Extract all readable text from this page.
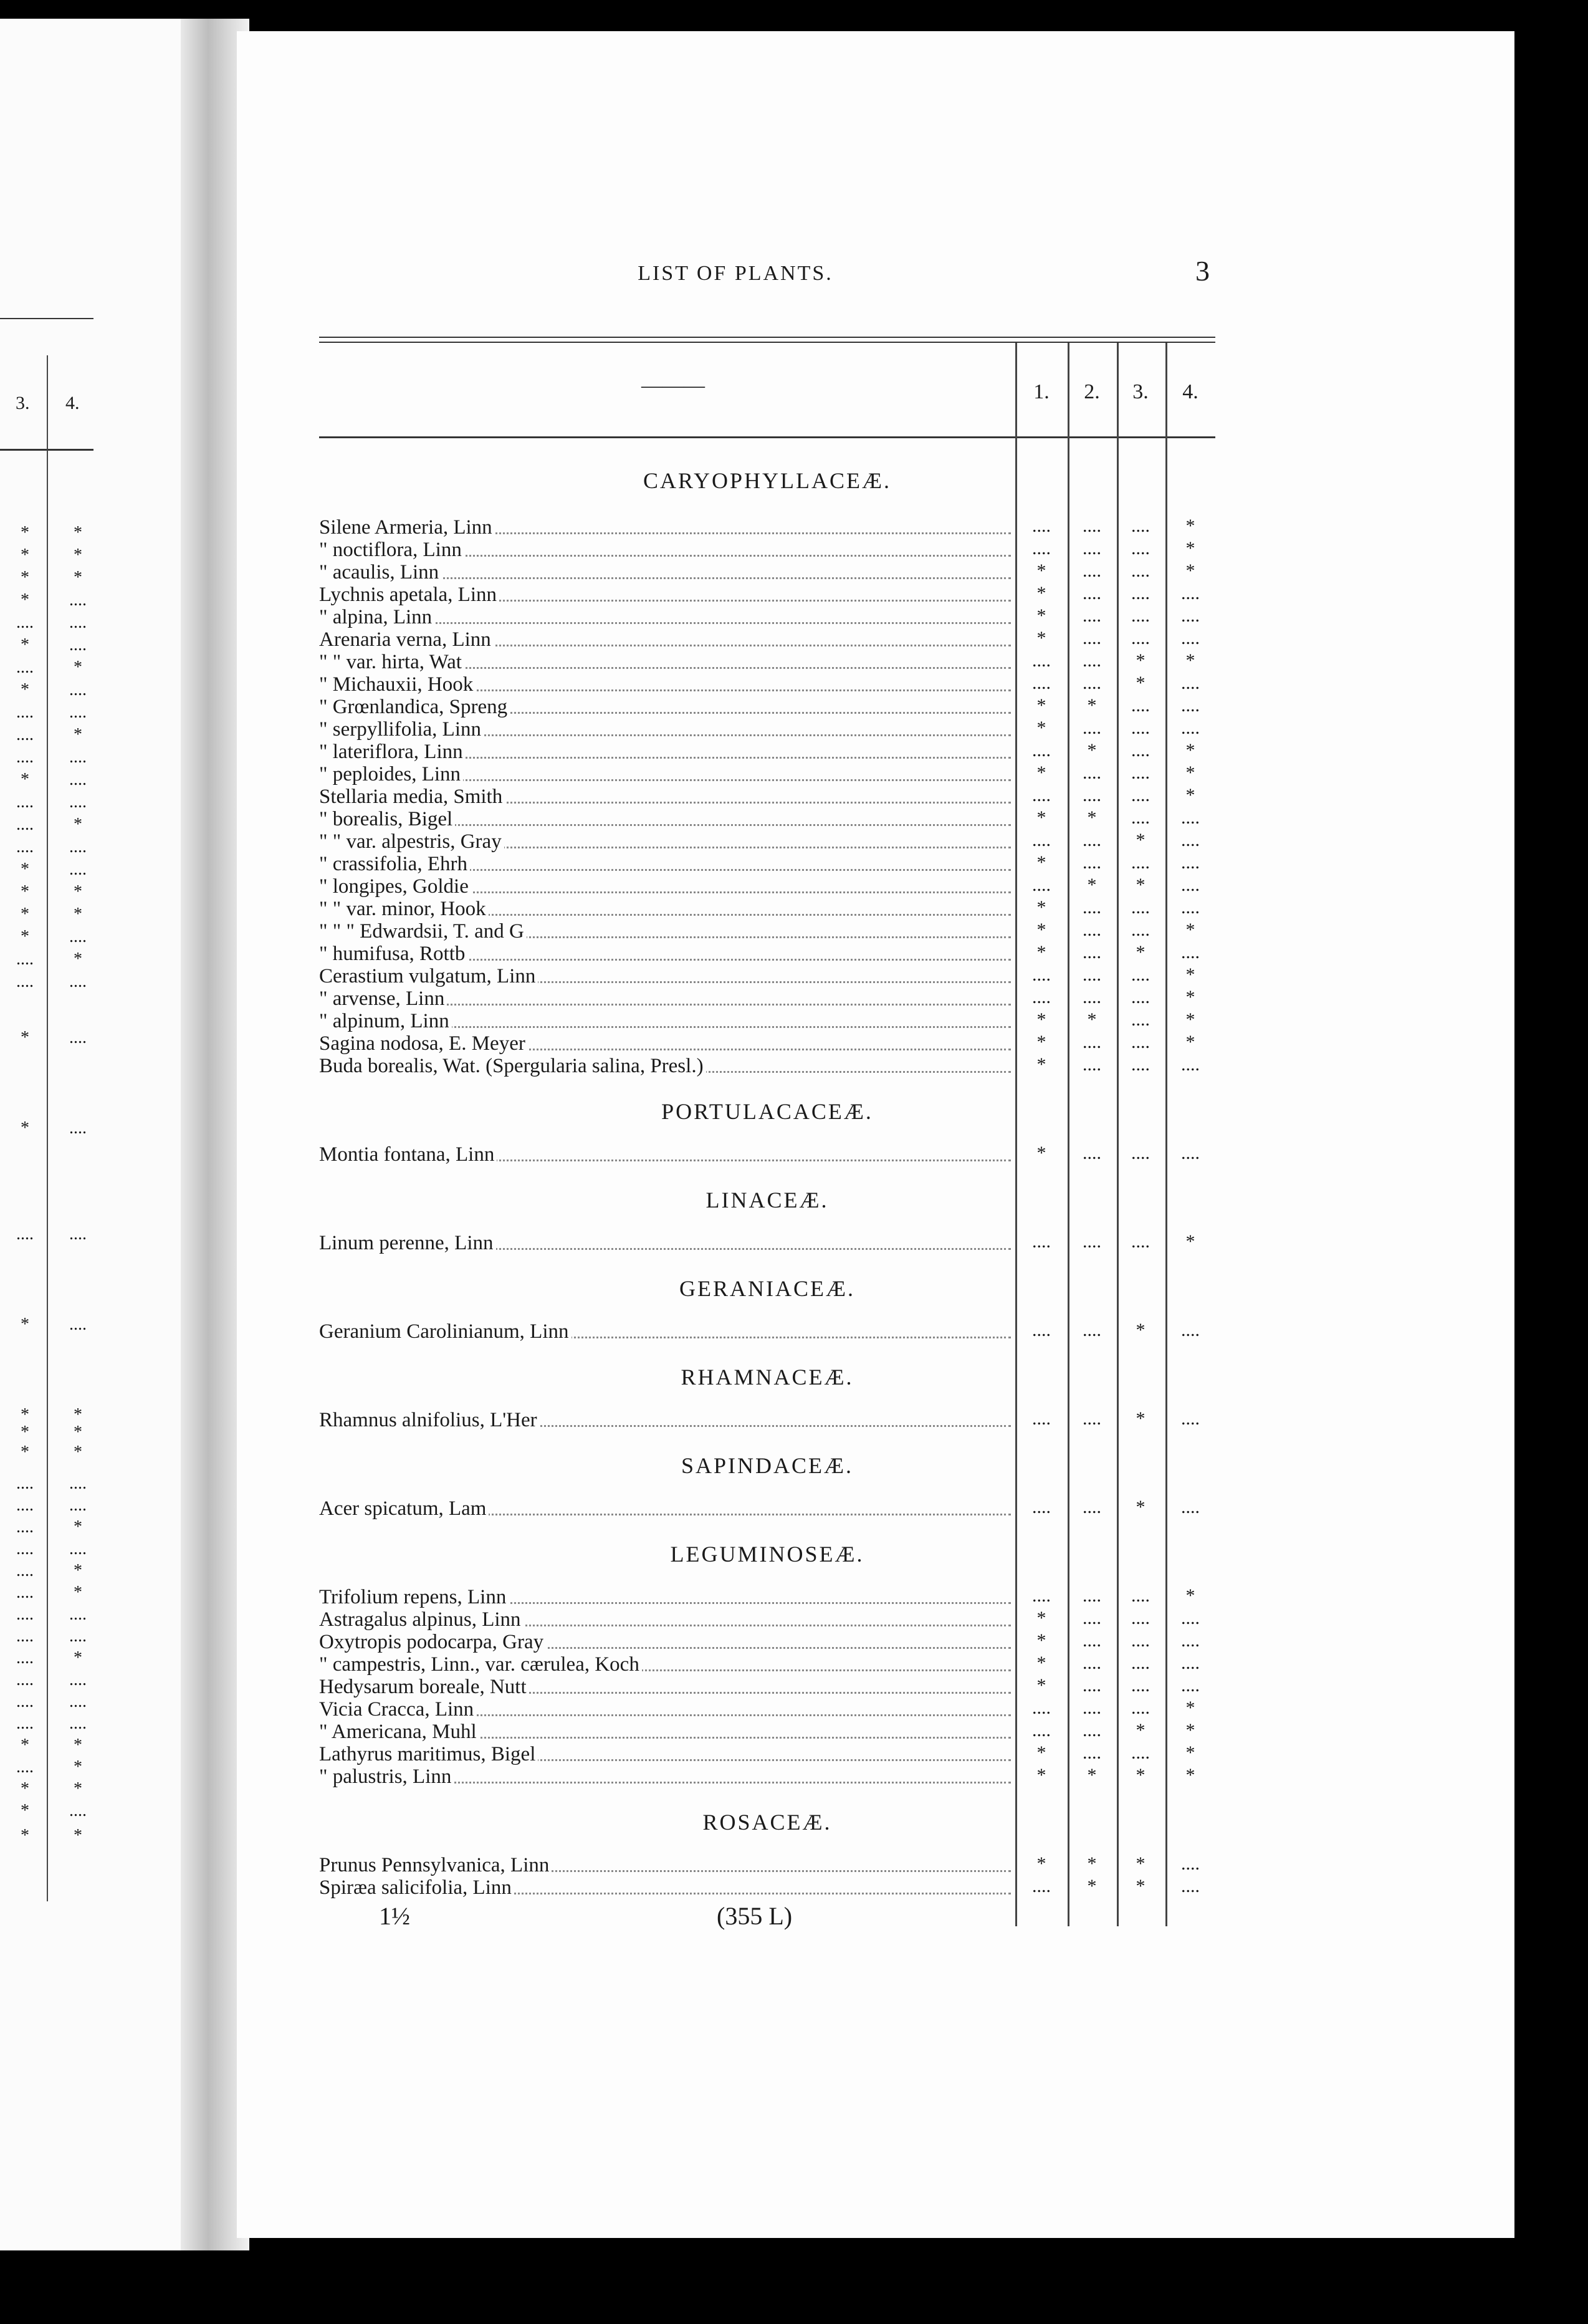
3. 4.
*	*
*	*
*	*
*	....
....	....
*	....
....	*
*	....
....	....
....	*
....	....
*	....
....	....
....	*
....	....
*	....
*	*
*	*
*	....
....	*
....	....
*	....
*	....
....	....
*	....
*	*
*	*
*	*
....	....
....	....
....	*
....	....
....	*
....	*
....	....
....	....
....	*
....	....
....	....
....	....
*	*
....	*
*	*
*	....
*	*
LIST OF PLANTS.	3
———	1.	2.	3.	4.
CARYOPHYLLACEÆ.
Silene Armeria, Linn	....	....	....	*
" noctiflora, Linn	....	....	....	*
" acaulis, Linn	*	....	....	*
Lychnis apetala, Linn	*	....	....	....
" alpina, Linn	*	....	....	....
Arenaria verna, Linn	*	....	....	....
" " var. hirta, Wat	....	....	*	*
" Michauxii, Hook	....	....	*	....
" Grœnlandica, Spreng	*	*	....	....
" serpyllifolia, Linn	*	....	....	....
" lateriflora, Linn	....	*	....	*
" peploides, Linn	*	....	....	*
Stellaria media, Smith	....	....	....	*
" borealis, Bigel	*	*	....	....
" " var. alpestris, Gray	....	....	*	....
" crassifolia, Ehrh	*	....	....	....
" longipes, Goldie	....	*	*	....
" " var. minor, Hook	*	....	....	....
" " " Edwardsii, T. and G	*	....	....	*
" humifusa, Rottb	*	....	*	....
Cerastium vulgatum, Linn	....	....	....	*
" arvense, Linn	....	....	....	*
" alpinum, Linn	*	*	....	*
Sagina nodosa, E. Meyer	*	....	....	*
Buda borealis, Wat. (Spergularia salina, Presl.)	*	....	....	....
PORTULACACEÆ.
Montia fontana, Linn	*	....	....	....
LINACEÆ.
Linum perenne, Linn	....	....	....	*
GERANIACEÆ.
Geranium Carolinianum, Linn	....	....	*	....
RHAMNACEÆ.
Rhamnus alnifolius, L'Her	....	....	*	....
SAPINDACEÆ.
Acer spicatum, Lam	....	....	*	....
LEGUMINOSEÆ.
Trifolium repens, Linn	....	....	....	*
Astragalus alpinus, Linn	*	....	....	....
Oxytropis podocarpa, Gray	*	....	....	....
" campestris, Linn., var. cærulea, Koch	*	....	....	....
Hedysarum boreale, Nutt	*	....	....	....
Vicia Cracca, Linn	....	....	....	*
" Americana, Muhl	....	....	*	*
Lathyrus maritimus, Bigel	*	....	....	*
" palustris, Linn	*	*	*	*
ROSACEÆ.
Prunus Pennsylvanica, Linn	*	*	*	....
Spiræa salicifolia, Linn	....	*	*	....
1½	(355 L)
